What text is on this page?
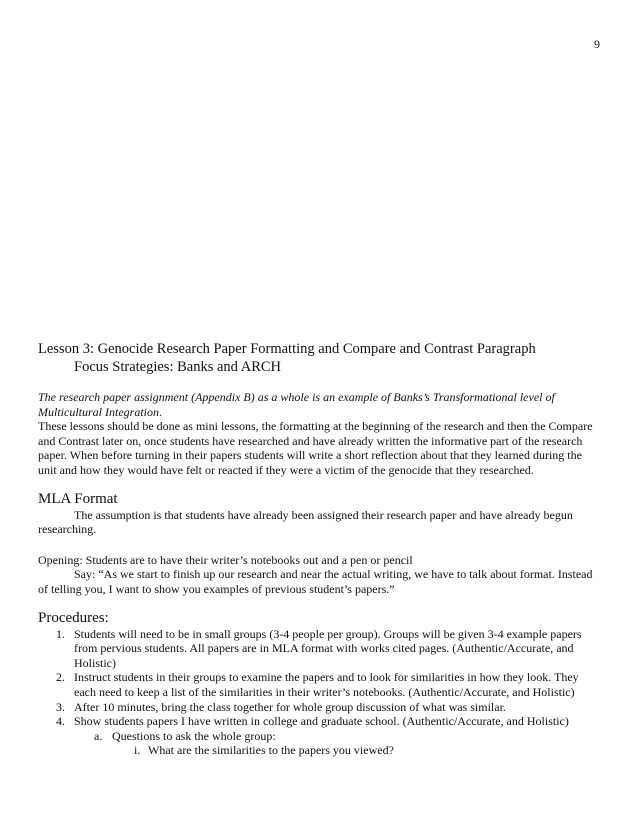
9
Lesson 3: Genocide Research Paper Formatting and Compare and Contrast Paragraph
Focus Strategies: Banks and ARCH
The research paper assignment (Appendix B) as a whole is an example of Banks’s Transformational level of Multicultural Integration.
These lessons should be done as mini lessons, the formatting at the beginning of the research and then the Compare and Contrast later on, once students have researched and have already written the informative part of the research paper. When before turning in their papers students will write a short reflection about that they learned during the unit and how they would have felt or reacted if they were a victim of the genocide that they researched.
MLA Format
The assumption is that students have already been assigned their research paper and have already begun researching.
Opening: Students are to have their writer’s notebooks out and a pen or pencil
Say: “As we start to finish up our research and near the actual writing, we have to talk about format. Instead of telling you, I want to show you examples of previous student’s papers.”
Procedures:
1. Students will need to be in small groups (3-4 people per group). Groups will be given 3-4 example papers from pervious students. All papers are in MLA format with works cited pages. (Authentic/Accurate, and Holistic)
2. Instruct students in their groups to examine the papers and to look for similarities in how they look. They each need to keep a list of the similarities in their writer’s notebooks. (Authentic/Accurate, and Holistic)
3. After 10 minutes, bring the class together for whole group discussion of what was similar.
4. Show students papers I have written in college and graduate school. (Authentic/Accurate, and Holistic)
a. Questions to ask the whole group:
i. What are the similarities to the papers you viewed?
